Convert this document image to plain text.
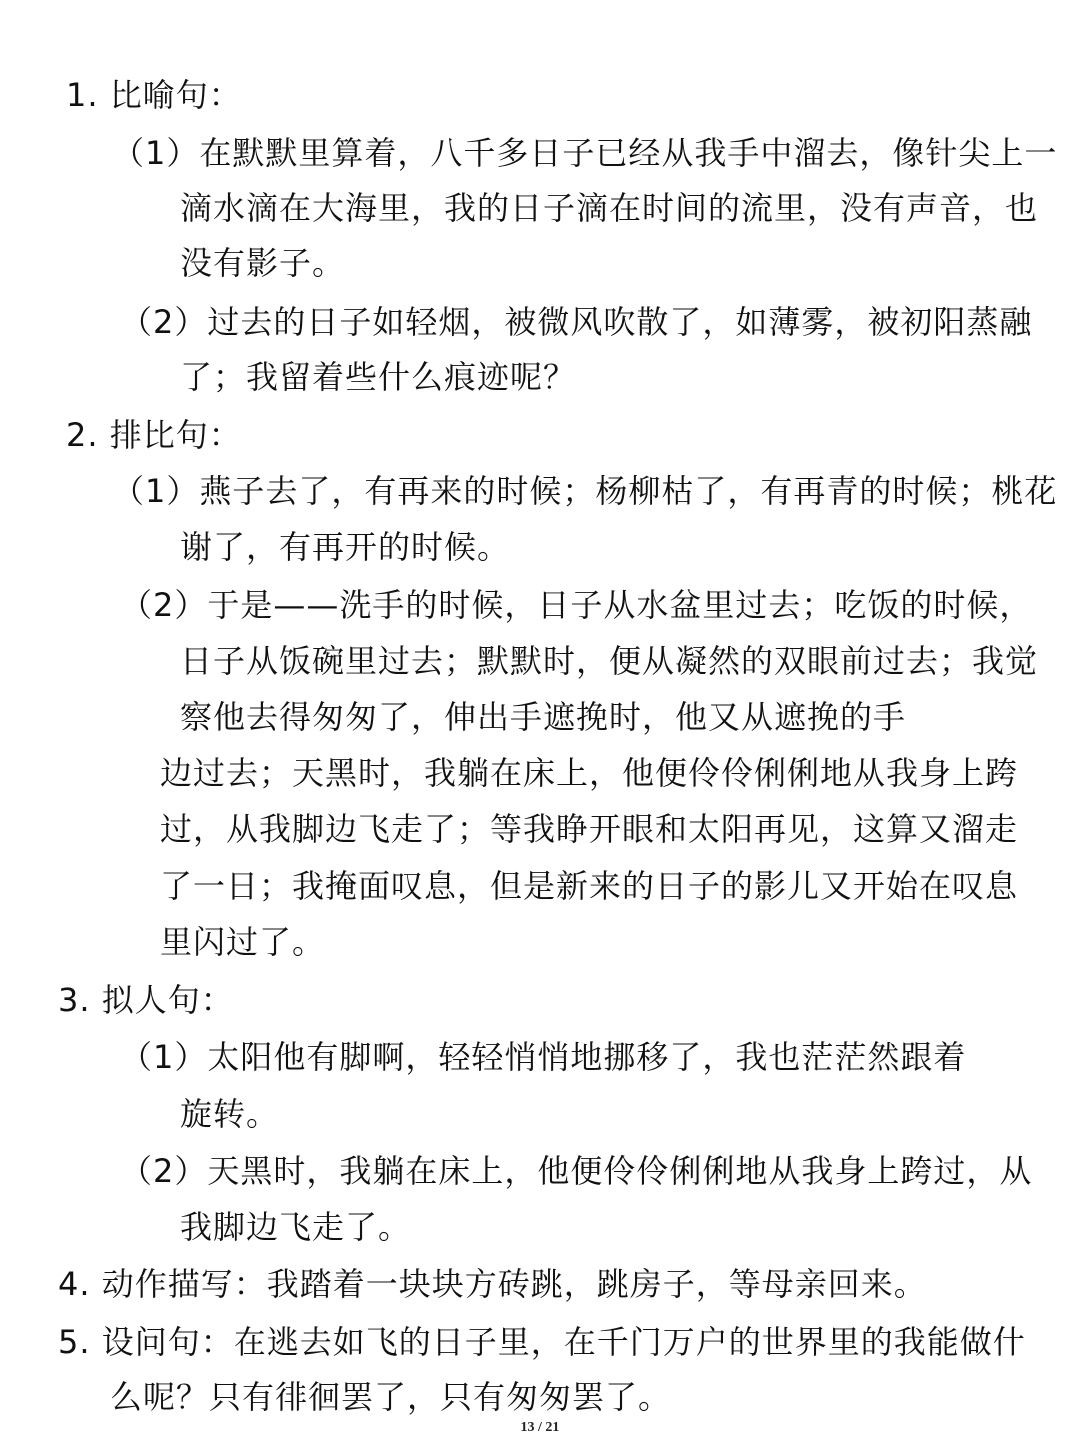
1. 比喻句：
（1）在默默里算着，八千多日子已经从我手中溜去，像针尖上一
滴水滴在大海里，我的日子滴在时间的流里，没有声音，也
没有影子。
（2）过去的日子如轻烟，被微风吹散了，如薄雾，被初阳蒸融
了；我留着些什么痕迹呢？
2. 排比句：
（1）燕子去了，有再来的时候；杨柳枯了，有再青的时候；桃花
谢了，有再开的时候。
（2）于是——洗手的时候，日子从水盆里过去；吃饭的时候，
日子从饭碗里过去；默默时，便从凝然的双眼前过去；我觉
察他去得匆匆了，伸出手遮挽时，他又从遮挽的手
边过去；天黑时，我躺在床上，他便伶伶俐俐地从我身上跨
过，从我脚边飞走了；等我睁开眼和太阳再见，这算又溜走
了一日；我掩面叹息，但是新来的日子的影儿又开始在叹息
里闪过了。
3. 拟人句：
（1）太阳他有脚啊，轻轻悄悄地挪移了，我也茫茫然跟着
旋转。
（2）天黑时，我躺在床上，他便伶伶俐俐地从我身上跨过，从
我脚边飞走了。
4. 动作描写：我踏着一块块方砖跳，跳房子，等母亲回来。
5. 设问句：在逃去如飞的日子里，在千门万户的世界里的我能做什
么呢？只有徘徊罢了，只有匆匆罢了。
13 / 21
